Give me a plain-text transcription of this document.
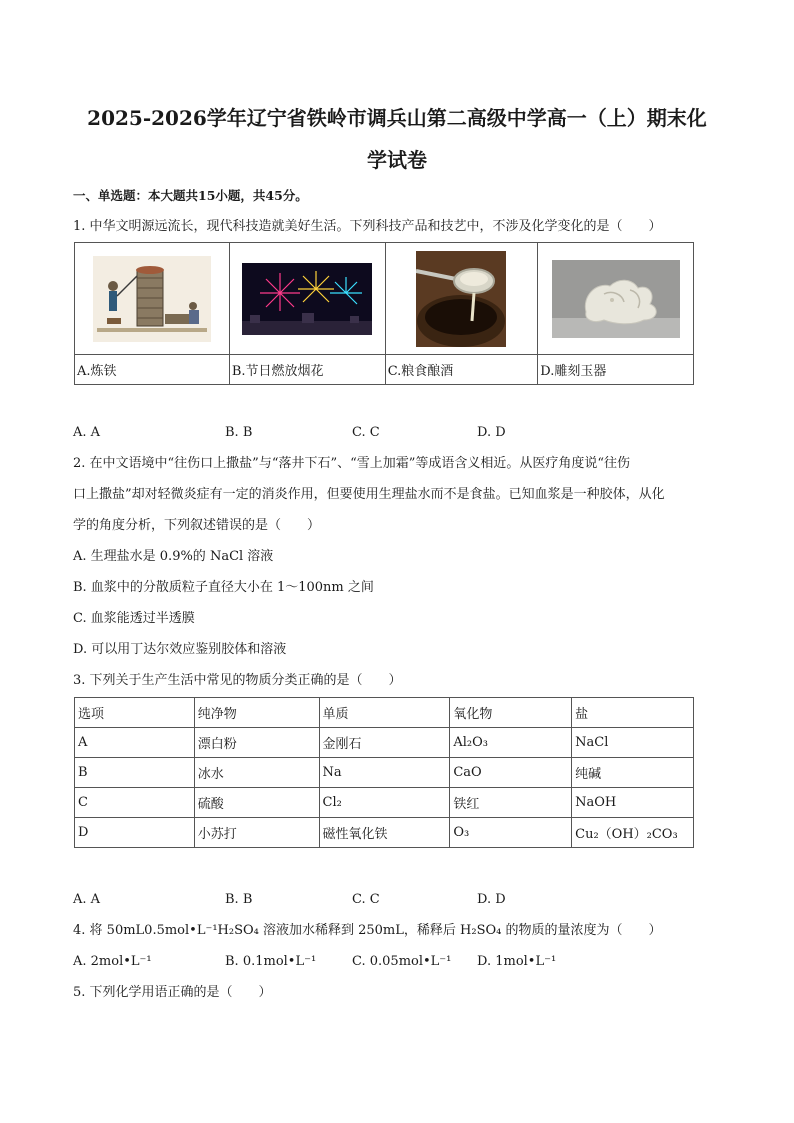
2025-2026学年辽宁省铁岭市调兵山第二高级中学高一（上）期末化
学试卷
一、单选题：本大题共15小题，共45分。
1. 中华文明源远流长，现代科技造就美好生活。下列科技产品和技艺中，不涉及化学变化的是（　　）

A.炼铁	B.节日燃放烟花	C.粮食酿酒	D.雕刻玉器
A. A	B. B	C. C	D. D
2. 在中文语境中“往伤口上撒盐”与“落井下石”、“雪上加霜”等成语含义相近。从医疗角度说“往伤
口上撒盐”却对轻微炎症有一定的消炎作用，但要使用生理盐水而不是食盐。已知血浆是一种胶体，从化
学的角度分析，下列叙述错误的是（　　）
A. 生理盐水是 0.9%的 NaCl 溶液
B. 血浆中的分散质粒子直径大小在 1～100nm 之间
C. 血浆能透过半透膜
D. 可以用丁达尔效应鉴别胶体和溶液
3. 下列关于生产生活中常见的物质分类正确的是（　　）
选项	纯净物	单质	氧化物	盐
A	漂白粉	金刚石	Al₂O₃	NaCl
B	冰水	Na	CaO	纯碱
C	硫酸	Cl₂	铁红	NaOH
D	小苏打	磁性氧化铁	O₃	Cu₂（OH）₂CO₃
A. A	B. B	C. C	D. D
4. 将 50mL0.5mol•L⁻¹H₂SO₄ 溶液加水稀释到 250mL，稀释后 H₂SO₄ 的物质的量浓度为（　　）
A. 2mol•L⁻¹	B. 0.1mol•L⁻¹	C. 0.05mol•L⁻¹ D. 1mol•L⁻¹
5. 下列化学用语正确的是（　　）
